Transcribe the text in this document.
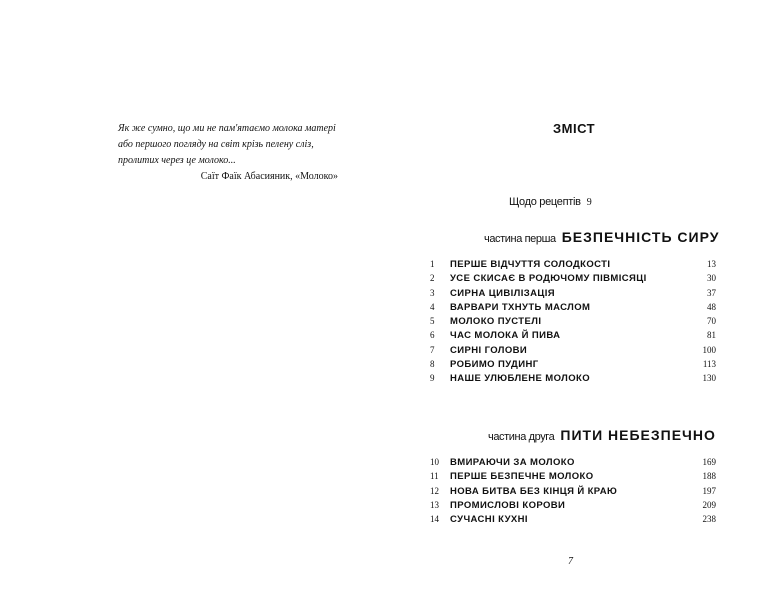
Як же сумно, що ми не пам'ятаємо молока матері
або першого погляду на світ крізь пелену сліз,
пролитих через це молоко...
Саїт Фаїк Абасияник, «Молоко»
ЗМІСТ
Щодо рецептів 9
частина перша БЕЗПЕЧНІСТЬ СИРУ
1	ПЕРШЕ ВІДЧУТТЯ СОЛОДКОСТІ	13
2	УСЕ СКИСАЄ В РОДЮЧОМУ ПІВМІСЯЦІ	30
3	СИРНА ЦИВІЛІЗАЦІЯ	37
4	ВАРВАРИ ТХНУТЬ МАСЛОМ	48
5	МОЛОКО ПУСТЕЛІ	70
6	ЧАС МОЛОКА Й ПИВА	81
7	СИРНІ ГОЛОВИ	100
8	РОБИМО ПУДИНГ	113
9	НАШЕ УЛЮБЛЕНЕ МОЛОКО	130
частина друга ПИТИ НЕБЕЗПЕЧНО
10	ВМИРАЮЧИ ЗА МОЛОКО	169
11	ПЕРШЕ БЕЗПЕЧНЕ МОЛОКО	188
12	НОВА БИТВА БЕЗ КІНЦЯ Й КРАЮ	197
13	ПРОМИСЛОВІ КОРОВИ	209
14	СУЧАСНІ КУХНІ	238
7
